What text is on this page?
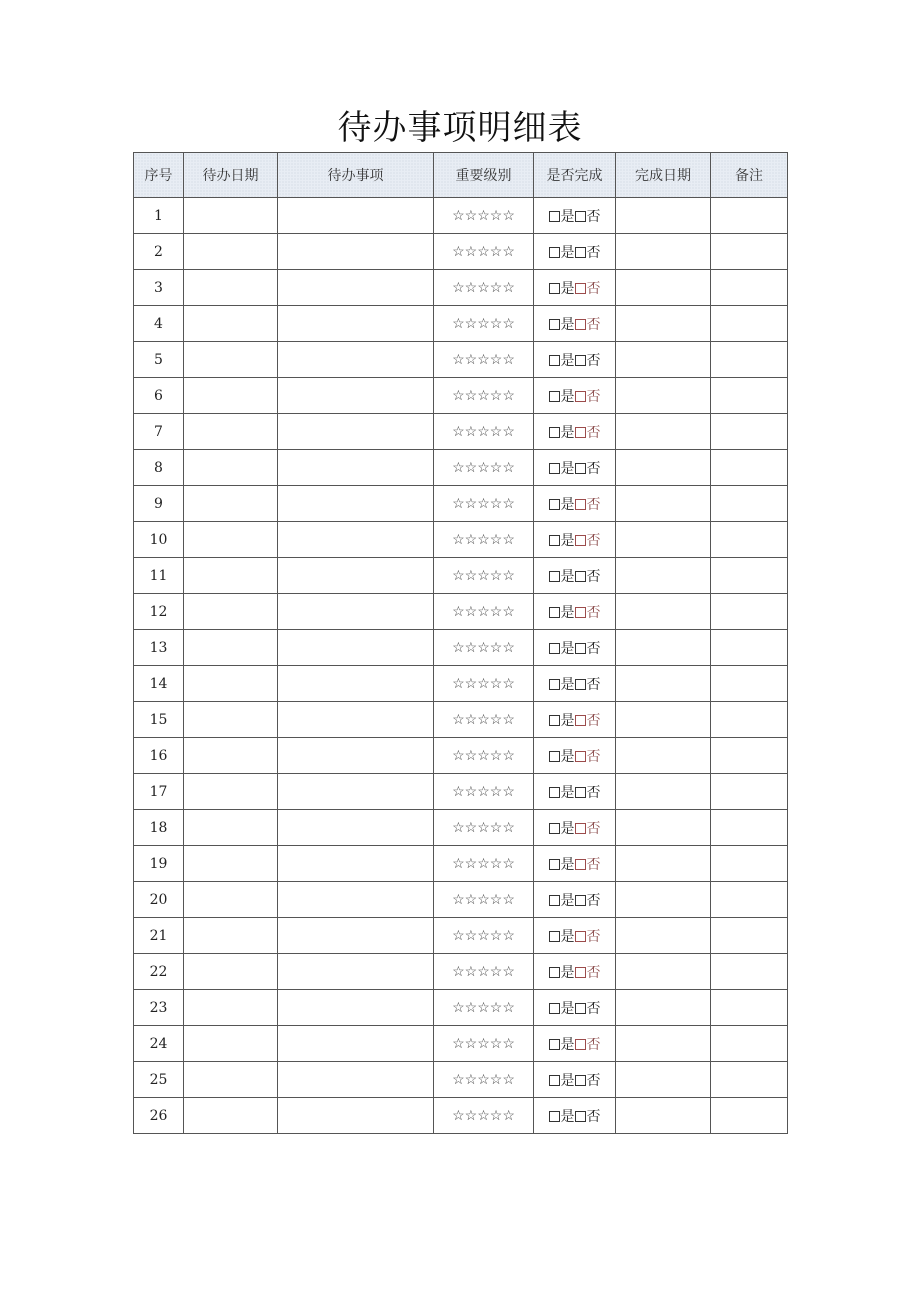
待办事项明细表
序号	待办日期	待办事项	重要级别	是否完成	完成日期	备注
1			☆☆☆☆☆	是 否		
2			☆☆☆☆☆	是 否		
3			☆☆☆☆☆	是 否		
4			☆☆☆☆☆	是 否		
5			☆☆☆☆☆	是 否		
6			☆☆☆☆☆	是 否		
7			☆☆☆☆☆	是 否		
8			☆☆☆☆☆	是 否		
9			☆☆☆☆☆	是 否		
10			☆☆☆☆☆	是 否		
11			☆☆☆☆☆	是 否		
12			☆☆☆☆☆	是 否		
13			☆☆☆☆☆	是 否		
14			☆☆☆☆☆	是 否		
15			☆☆☆☆☆	是 否		
16			☆☆☆☆☆	是 否		
17			☆☆☆☆☆	是 否		
18			☆☆☆☆☆	是 否		
19			☆☆☆☆☆	是 否		
20			☆☆☆☆☆	是 否		
21			☆☆☆☆☆	是 否		
22			☆☆☆☆☆	是 否		
23			☆☆☆☆☆	是 否		
24			☆☆☆☆☆	是 否		
25			☆☆☆☆☆	是 否		
26			☆☆☆☆☆	是 否		
